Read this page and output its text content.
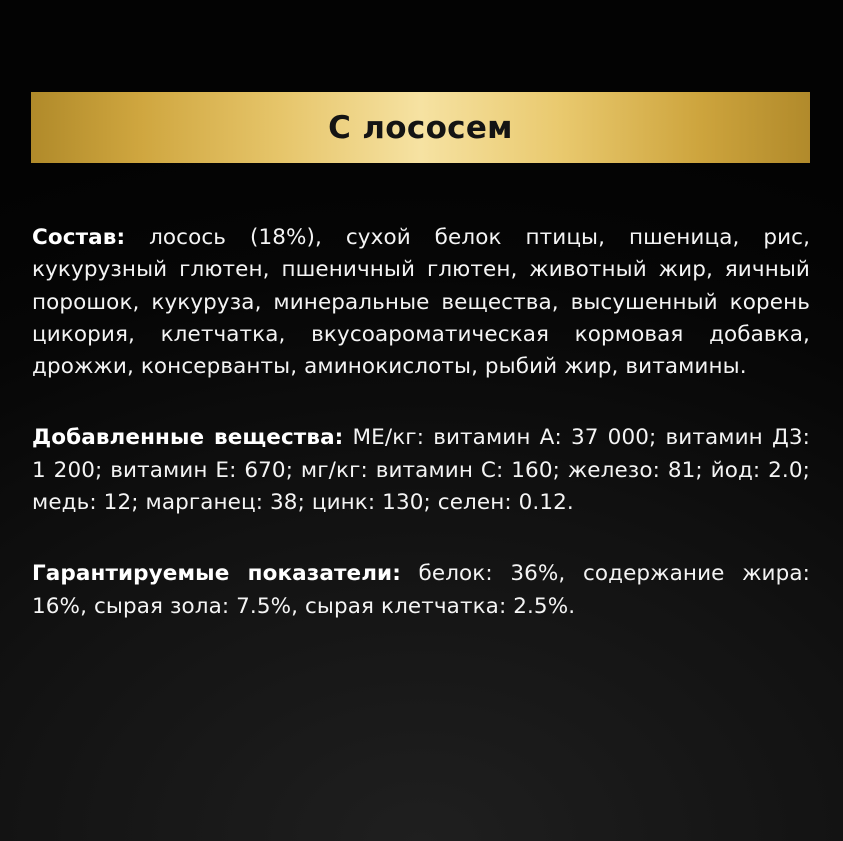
С лососем

Состав: лосось (18%), сухой белок птицы, пшеница, рис, кукурузный глютен, пшеничный глютен, животный жир, яичный порошок, кукуруза, минеральные вещества, высушенный корень цикория, клетчатка, вкусоароматическая кормовая добавка, дрожжи, консерванты, аминокислоты, рыбий жир, витамины.

Добавленные вещества: МЕ/кг: витамин А: 37 000; витамин Д3: 1 200; витамин Е: 670; мг/кг: витамин С: 160; железо: 81; йод: 2.0; медь: 12; марганец: 38; цинк: 130; селен: 0.12.

Гарантируемые показатели: белок: 36%, содержание жира: 16%, сырая зола: 7.5%, сырая клетчатка: 2.5%.
